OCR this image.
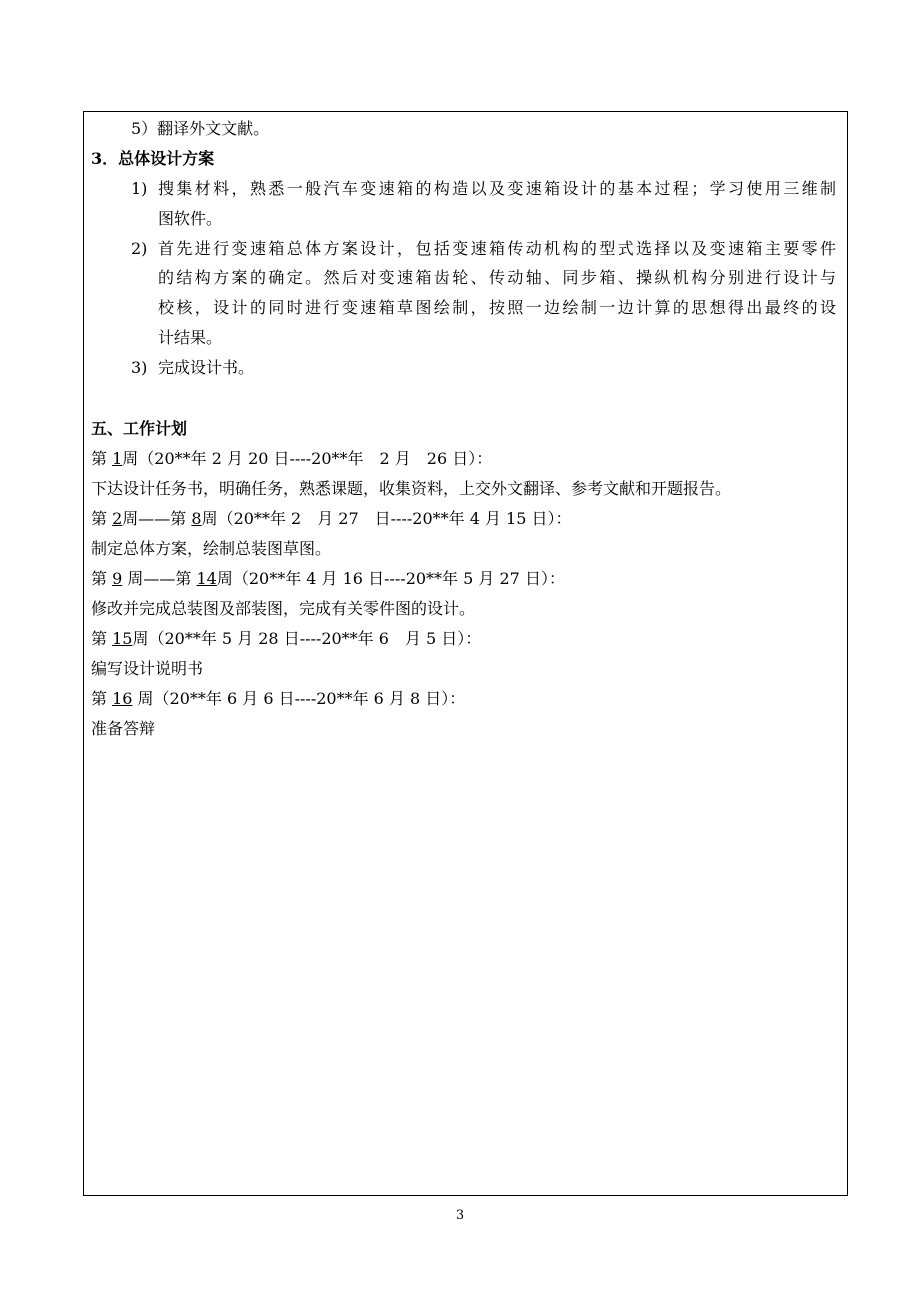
5）翻译外文文献。
3．总体设计方案
1) 搜集材料，熟悉一般汽车变速箱的构造以及变速箱设计的基本过程；学习使用三维制
图软件。
2) 首先进行变速箱总体方案设计，包括变速箱传动机构的型式选择以及变速箱主要零件
的结构方案的确定。然后对变速箱齿轮、传动轴、同步箱、操纵机构分别进行设计与
校核，设计的同时进行变速箱草图绘制，按照一边绘制一边计算的思想得出最终的设
计结果。
3) 完成设计书。
五、工作计划
第 1周（20**年 2 月 20 日----20**年　2 月　26 日）：
下达设计任务书，明确任务，熟悉课题，收集资料，上交外文翻译、参考文献和开题报告。
第 2周——第 8周（20**年 2　月 27　日----20**年 4 月 15 日）：
制定总体方案，绘制总装图草图。
第 9 周——第 14周（20**年 4 月 16 日----20**年 5 月 27 日）：
修改并完成总装图及部装图，完成有关零件图的设计。
第 15周（20**年 5 月 28 日----20**年 6　月 5 日）：
编写设计说明书
第 16 周（20**年 6 月 6 日----20**年 6 月 8 日）：
准备答辩
3
